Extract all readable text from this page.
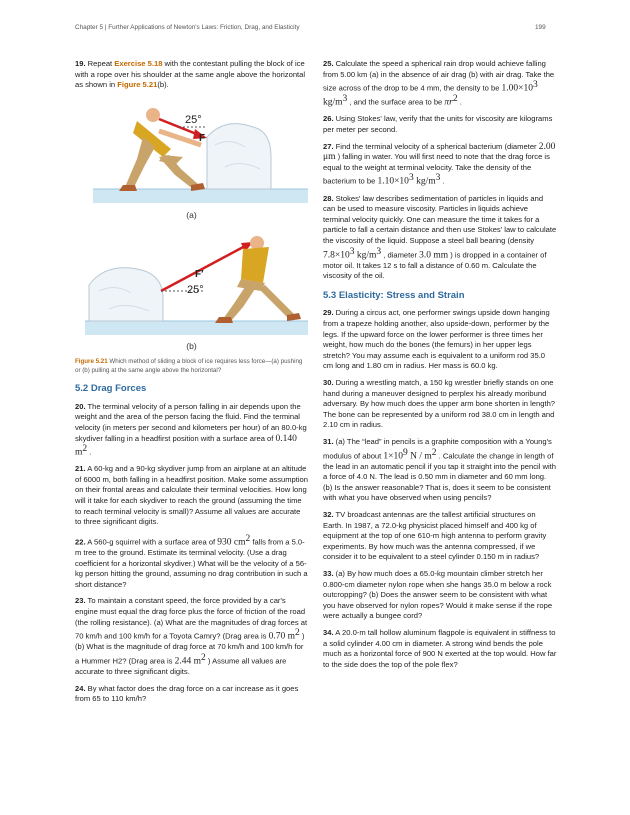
Chapter 5 | Further Applications of Newton's Laws: Friction, Drag, and Elasticity	199

19. Repeat Exercise 5.18 with the contestant pulling the block of ice with a rope over his shoulder at the same angle above the horizontal as shown in Figure 5.21(b).

25°
F
(a)
F′
25°
(b)

Figure 5.21 Which method of sliding a block of ice requires less force—(a) pushing or (b) pulling at the same angle above the horizontal?

5.2 Drag Forces

20. The terminal velocity of a person falling in air depends upon the weight and the area of the person facing the fluid. Find the terminal velocity (in meters per second and kilometers per hour) of an 80.0-kg skydiver falling in a headfirst position with a surface area of 0.140 $m^2$ .

21. A 60-kg and a 90-kg skydiver jump from an airplane at an altitude of 6000 m, both falling in a headfirst position. Make some assumption on their frontal areas and calculate their terminal velocities. How long will it take for each skydiver to reach the ground (assuming the time to reach terminal velocity is small)? Assume all values are accurate to three significant digits.

22. A 560-g squirrel with a surface area of 930 $cm^2$ falls from a 5.0-m tree to the ground. Estimate its terminal velocity. (Use a drag coefficient for a horizontal skydiver.) What will be the velocity of a 56-kg person hitting the ground, assuming no drag contribution in such a short distance?

23. To maintain a constant speed, the force provided by a car's engine must equal the drag force plus the force of friction of the road (the rolling resistance). (a) What are the magnitudes of drag forces at 70 km/h and 100 km/h for a Toyota Camry? (Drag area is 0.70 $m^2$ ) (b) What is the magnitude of drag force at 70 km/h and 100 km/h for a Hummer H2? (Drag area is 2.44 $m^2$ ) Assume all values are accurate to three significant digits.

24. By what factor does the drag force on a car increase as it goes from 65 to 110 km/h?

25. Calculate the speed a spherical rain drop would achieve falling from 5.00 km (a) in the absence of air drag (b) with air drag. Take the size across of the drop to be 4 mm, the density to be $1.00\times 10^3$ $kg/m^3$ , and the surface area to be $\pi r^2$ .

26. Using Stokes' law, verify that the units for viscosity are kilograms per meter per second.

27. Find the terminal velocity of a spherical bacterium (diameter 2.00 μm ) falling in water. You will first need to note that the drag force is equal to the weight at terminal velocity. Take the density of the bacterium to be $1.10\times 10^3$ $kg/m^3$ .

28. Stokes' law describes sedimentation of particles in liquids and can be used to measure viscosity. Particles in liquids achieve terminal velocity quickly. One can measure the time it takes for a particle to fall a certain distance and then use Stokes' law to calculate the viscosity of the liquid. Suppose a steel ball bearing (density $7.8\times 10^3$ $kg/m^3$ , diameter 3.0 mm ) is dropped in a container of motor oil. It takes 12 s to fall a distance of 0.60 m. Calculate the viscosity of the oil.

5.3 Elasticity: Stress and Strain

29. During a circus act, one performer swings upside down hanging from a trapeze holding another, also upside-down, performer by the legs. If the upward force on the lower performer is three times her weight, how much do the bones (the femurs) in her upper legs stretch? You may assume each is equivalent to a uniform rod 35.0 cm long and 1.80 cm in radius. Her mass is 60.0 kg.

30. During a wrestling match, a 150 kg wrestler briefly stands on one hand during a maneuver designed to perplex his already moribund adversary. By how much does the upper arm bone shorten in length? The bone can be represented by a uniform rod 38.0 cm in length and 2.10 cm in radius.

31. (a) The “lead” in pencils is a graphite composition with a Young's modulus of about $1\times 10^9$ N / $m^2$ . Calculate the change in length of the lead in an automatic pencil if you tap it straight into the pencil with a force of 4.0 N. The lead is 0.50 mm in diameter and 60 mm long. (b) Is the answer reasonable? That is, does it seem to be consistent with what you have observed when using pencils?

32. TV broadcast antennas are the tallest artificial structures on Earth. In 1987, a 72.0-kg physicist placed himself and 400 kg of equipment at the top of one 610-m high antenna to perform gravity experiments. By how much was the antenna compressed, if we consider it to be equivalent to a steel cylinder 0.150 m in radius?

33. (a) By how much does a 65.0-kg mountain climber stretch her 0.800-cm diameter nylon rope when she hangs 35.0 m below a rock outcropping? (b) Does the answer seem to be consistent with what you have observed for nylon ropes? Would it make sense if the rope were actually a bungee cord?

34. A 20.0-m tall hollow aluminum flagpole is equivalent in stiffness to a solid cylinder 4.00 cm in diameter. A strong wind bends the pole much as a horizontal force of 900 N exerted at the top would. How far to the side does the top of the pole flex?
